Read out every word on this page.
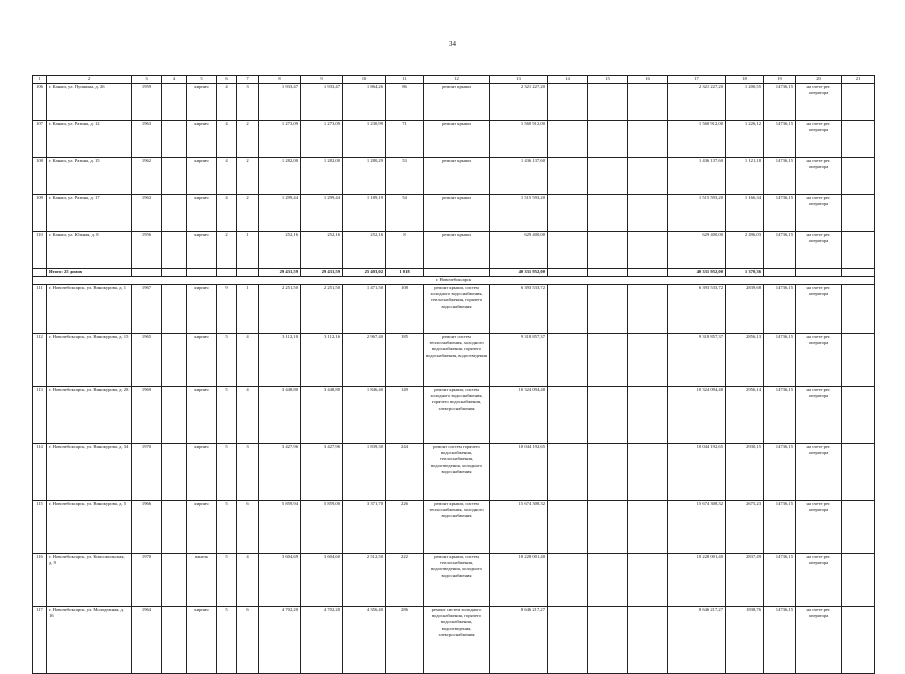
34
1	2	3	4	5	6	7	8	9	10	11	12	13	14	15	16	17	18	19	20	21
106	г. Канаш, ул. Пушкина, д. 26	1959		кирпич	4	3	1 933,47	1 933,47	1 864,26	86	ремонт крыши	2 321 227,20				2 321 227,20	1 200,55	14736,15	на счете рег. оператора	
107	г. Канаш, ул. Разина, д. 12	1963		кирпич	4	2	1 273,09	1 273,09	1 230,99	71	ремонт крыши	1 560 912,00				1 560 912,00	1 226,12	14736,15	на счете рег. оператора	
108	г. Канаш, ул. Разина, д. 15	1962		кирпич	4	2	1 282,00	1 282,00	1 280,29	53	ремонт крыши	1 436 137,60				1 436 137,60	1 121,18	14736,15	на счете рег. оператора	
109	г. Канаш, ул. Разина, д. 17	1963		кирпич	4	2	1 299,44	1 299,44	1 189,19	54	ремонт крыши	1 515 593,20				1 515 593,20	1 166,34	14736,15	на счете рег. оператора	
110	г. Канаш, ул. Южная, д. 8	1956		кирпич	2	1	252,16	252,16	252,16	8	ремонт крыши	629 400,00				629 400,00	2 496,03	14736,15	на счете рег. оператора	
	Итого: 25 домов						29 431,59	29 431,59	25 403,02	1 018		40 331 952,00				40 331 952,00	1 370,36			
г. Новочебоксарск																				
111	г. Новочебоксарск, ул. Винокурова, д. 1	1967		кирпич	9	1	2 251,50	2 251,50	1 471,50	108	ремонт крыши, систем холодного водоснабжения, теплоснабжения, горячего водоснабжения	6 393 533,72				6 393 533,72	2839,68	14736,15	на счете рег. оператора	
112	г. Новочебоксарск, ул. Винокурова, д. 15	1965		кирпич	5	4	3 112,10	3 112,16	2 967,40	185	ремонт систем теплоснабжения, холодного водоснабжения, горячего водоснабжения, водоотведения	9 318 857,37				9 318 857,37	2856,13	14736,15	на счете рег. оператора	
113	г. Новочебоксарск, ул. Винокурова, д. 28	1969		кирпич	5	4	3 448,80	3 448,80	1 846,40	149	ремонт крыши, систем холодного водоснабжения, горячего водоснабжения, электроснабжения	10 324 094,48				10 324 094,48	2956,14	14736,15	на счете рег. оператора	
114	г. Новочебоксарск, ул. Винокурова, д. 34	1970		кирпич	5	3	3 427,96	3 427,96	1 839,30	244	ремонт систем горячего водоснабжения, теплоснабжения, водоотведения, холодного водоснабжения	10 044 192,65				10 044 192,65	2930,15	14736,15	на счете рег. оператора	
115	г. Новочебоксарск, ул. Винокурова, д. 5	1966		кирпич	5	6	5 859,94	5 859,00	3 371,70	226	ремонт крыши, систем теплоснабжения, холодного водоснабжения	15 674 308,32				15 674 308,32	2675,23	14736,15	на счете рег. оператора	
116	г. Новочебоксарск, ул. Комсомольская, д. 9	1970		панель	5	4	3 604,69	3 604,60	2 512,50	222	ремонт крыши, систем теплоснабжения, водоотведения, холодного водоснабжения	10 228 001,40				10 228 001,40	2837,49	14736,15	на счете рег. оператора	
117	г. Новочебоксарск, ул. Молодежная, д. 16	1964		кирпич	5	6	4 702,20	4 702,20	4 356,40	286	ремонт систем холодного водоснабжения, горячего водоснабжения, водоотведения, электроснабжения	8 646 217,27				8 646 217,27	1838,76	14736,15	на счете рег. оператора	
